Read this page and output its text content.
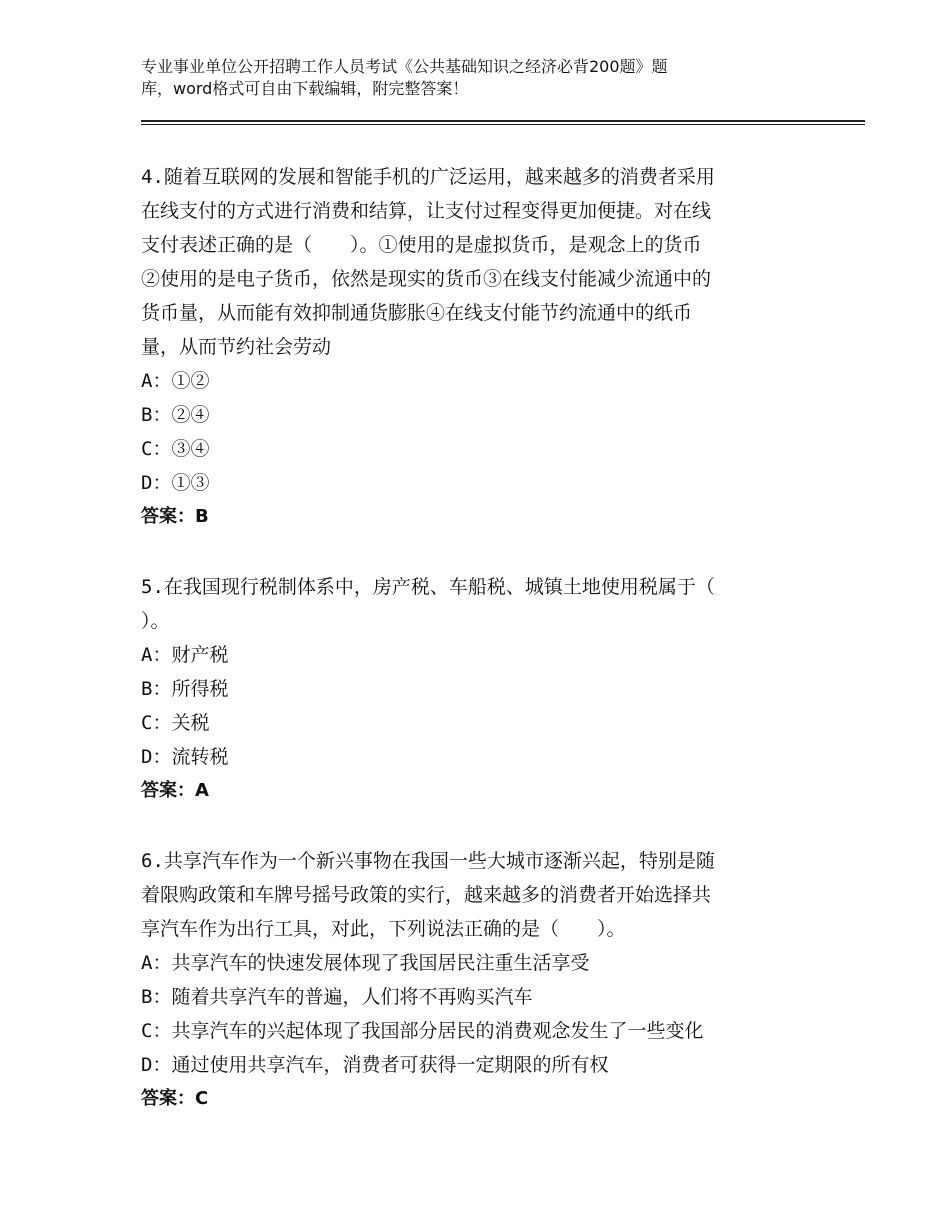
专业事业单位公开招聘工作人员考试《公共基础知识之经济必背200题》题
库，word格式可自由下载编辑，附完整答案！
4.随着互联网的发展和智能手机的广泛运用，越来越多的消费者采用
在线支付的方式进行消费和结算，让支付过程变得更加便捷。对在线
支付表述正确的是（　　）。①使用的是虚拟货币，是观念上的货币
②使用的是电子货币，依然是现实的货币③在线支付能减少流通中的
货币量，从而能有效抑制通货膨胀④在线支付能节约流通中的纸币
量，从而节约社会劳动
A：①②
B：②④
C：③④
D：①③
答案：B
5.在我国现行税制体系中，房产税、车船税、城镇土地使用税属于（
）。
A：财产税
B：所得税
C：关税
D：流转税
答案：A
6.共享汽车作为一个新兴事物在我国一些大城市逐渐兴起，特别是随
着限购政策和车牌号摇号政策的实行，越来越多的消费者开始选择共
享汽车作为出行工具，对此，下列说法正确的是（　　）。
A：共享汽车的快速发展体现了我国居民注重生活享受
B：随着共享汽车的普遍，人们将不再购买汽车
C：共享汽车的兴起体现了我国部分居民的消费观念发生了一些变化
D：通过使用共享汽车，消费者可获得一定期限的所有权
答案：C
